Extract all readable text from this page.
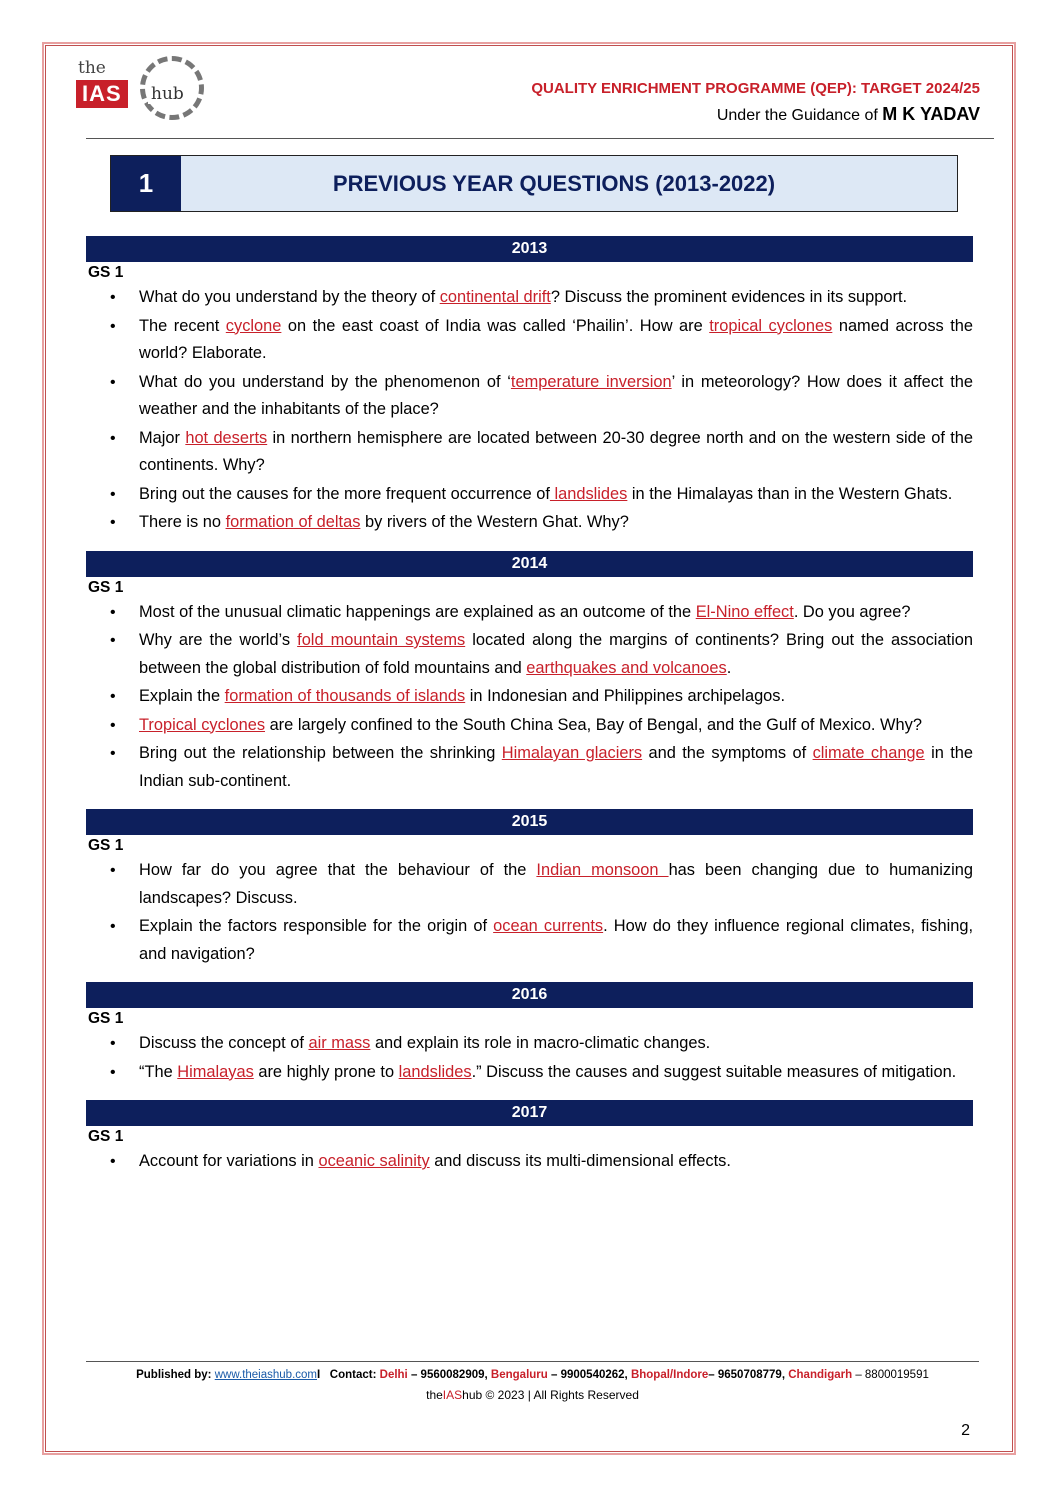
the
IAS	hub	QUALITY ENRICHMENT PROGRAMME (QEP): TARGET 2024/25
Under the Guidance of M K YADAV
1	PREVIOUS YEAR QUESTIONS (2013-2022)
2013
GS 1
• What do you understand by the theory of continental drift? Discuss the prominent evidences in its support.
• The recent cyclone on the east coast of India was called ‘Phailin’. How are tropical cyclones named across the world? Elaborate.
• What do you understand by the phenomenon of ‘temperature inversion’ in meteorology? How does it affect the weather and the inhabitants of the place?
• Major hot deserts in northern hemisphere are located between 20-30 degree north and on the western side of the continents. Why?
• Bring out the causes for the more frequent occurrence of landslides in the Himalayas than in the Western Ghats.
• There is no formation of deltas by rivers of the Western Ghat. Why?
2014
GS 1
• Most of the unusual climatic happenings are explained as an outcome of the El-Nino effect. Do you agree?
• Why are the world’s fold mountain systems located along the margins of continents? Bring out the association between the global distribution of fold mountains and earthquakes and volcanoes.
• Explain the formation of thousands of islands in Indonesian and Philippines archipelagos.
• Tropical cyclones are largely confined to the South China Sea, Bay of Bengal, and the Gulf of Mexico. Why?
• Bring out the relationship between the shrinking Himalayan glaciers and the symptoms of climate change in the Indian sub-continent.
2015
GS 1
• How far do you agree that the behaviour of the Indian monsoon has been changing due to humanizing landscapes? Discuss.
• Explain the factors responsible for the origin of ocean currents. How do they influence regional climates, fishing, and navigation?
2016
GS 1
• Discuss the concept of air mass and explain its role in macro-climatic changes.
• “The Himalayas are highly prone to landslides.” Discuss the causes and suggest suitable measures of mitigation.
2017
GS 1
• Account for variations in oceanic salinity and discuss its multi-dimensional effects.
Published by: www.theiashub.comI Contact: Delhi – 9560082909, Bengaluru – 9900540262, Bhopal/Indore– 9650708779, Chandigarh – 8800019591
theIAShub © 2023 | All Rights Reserved
2
